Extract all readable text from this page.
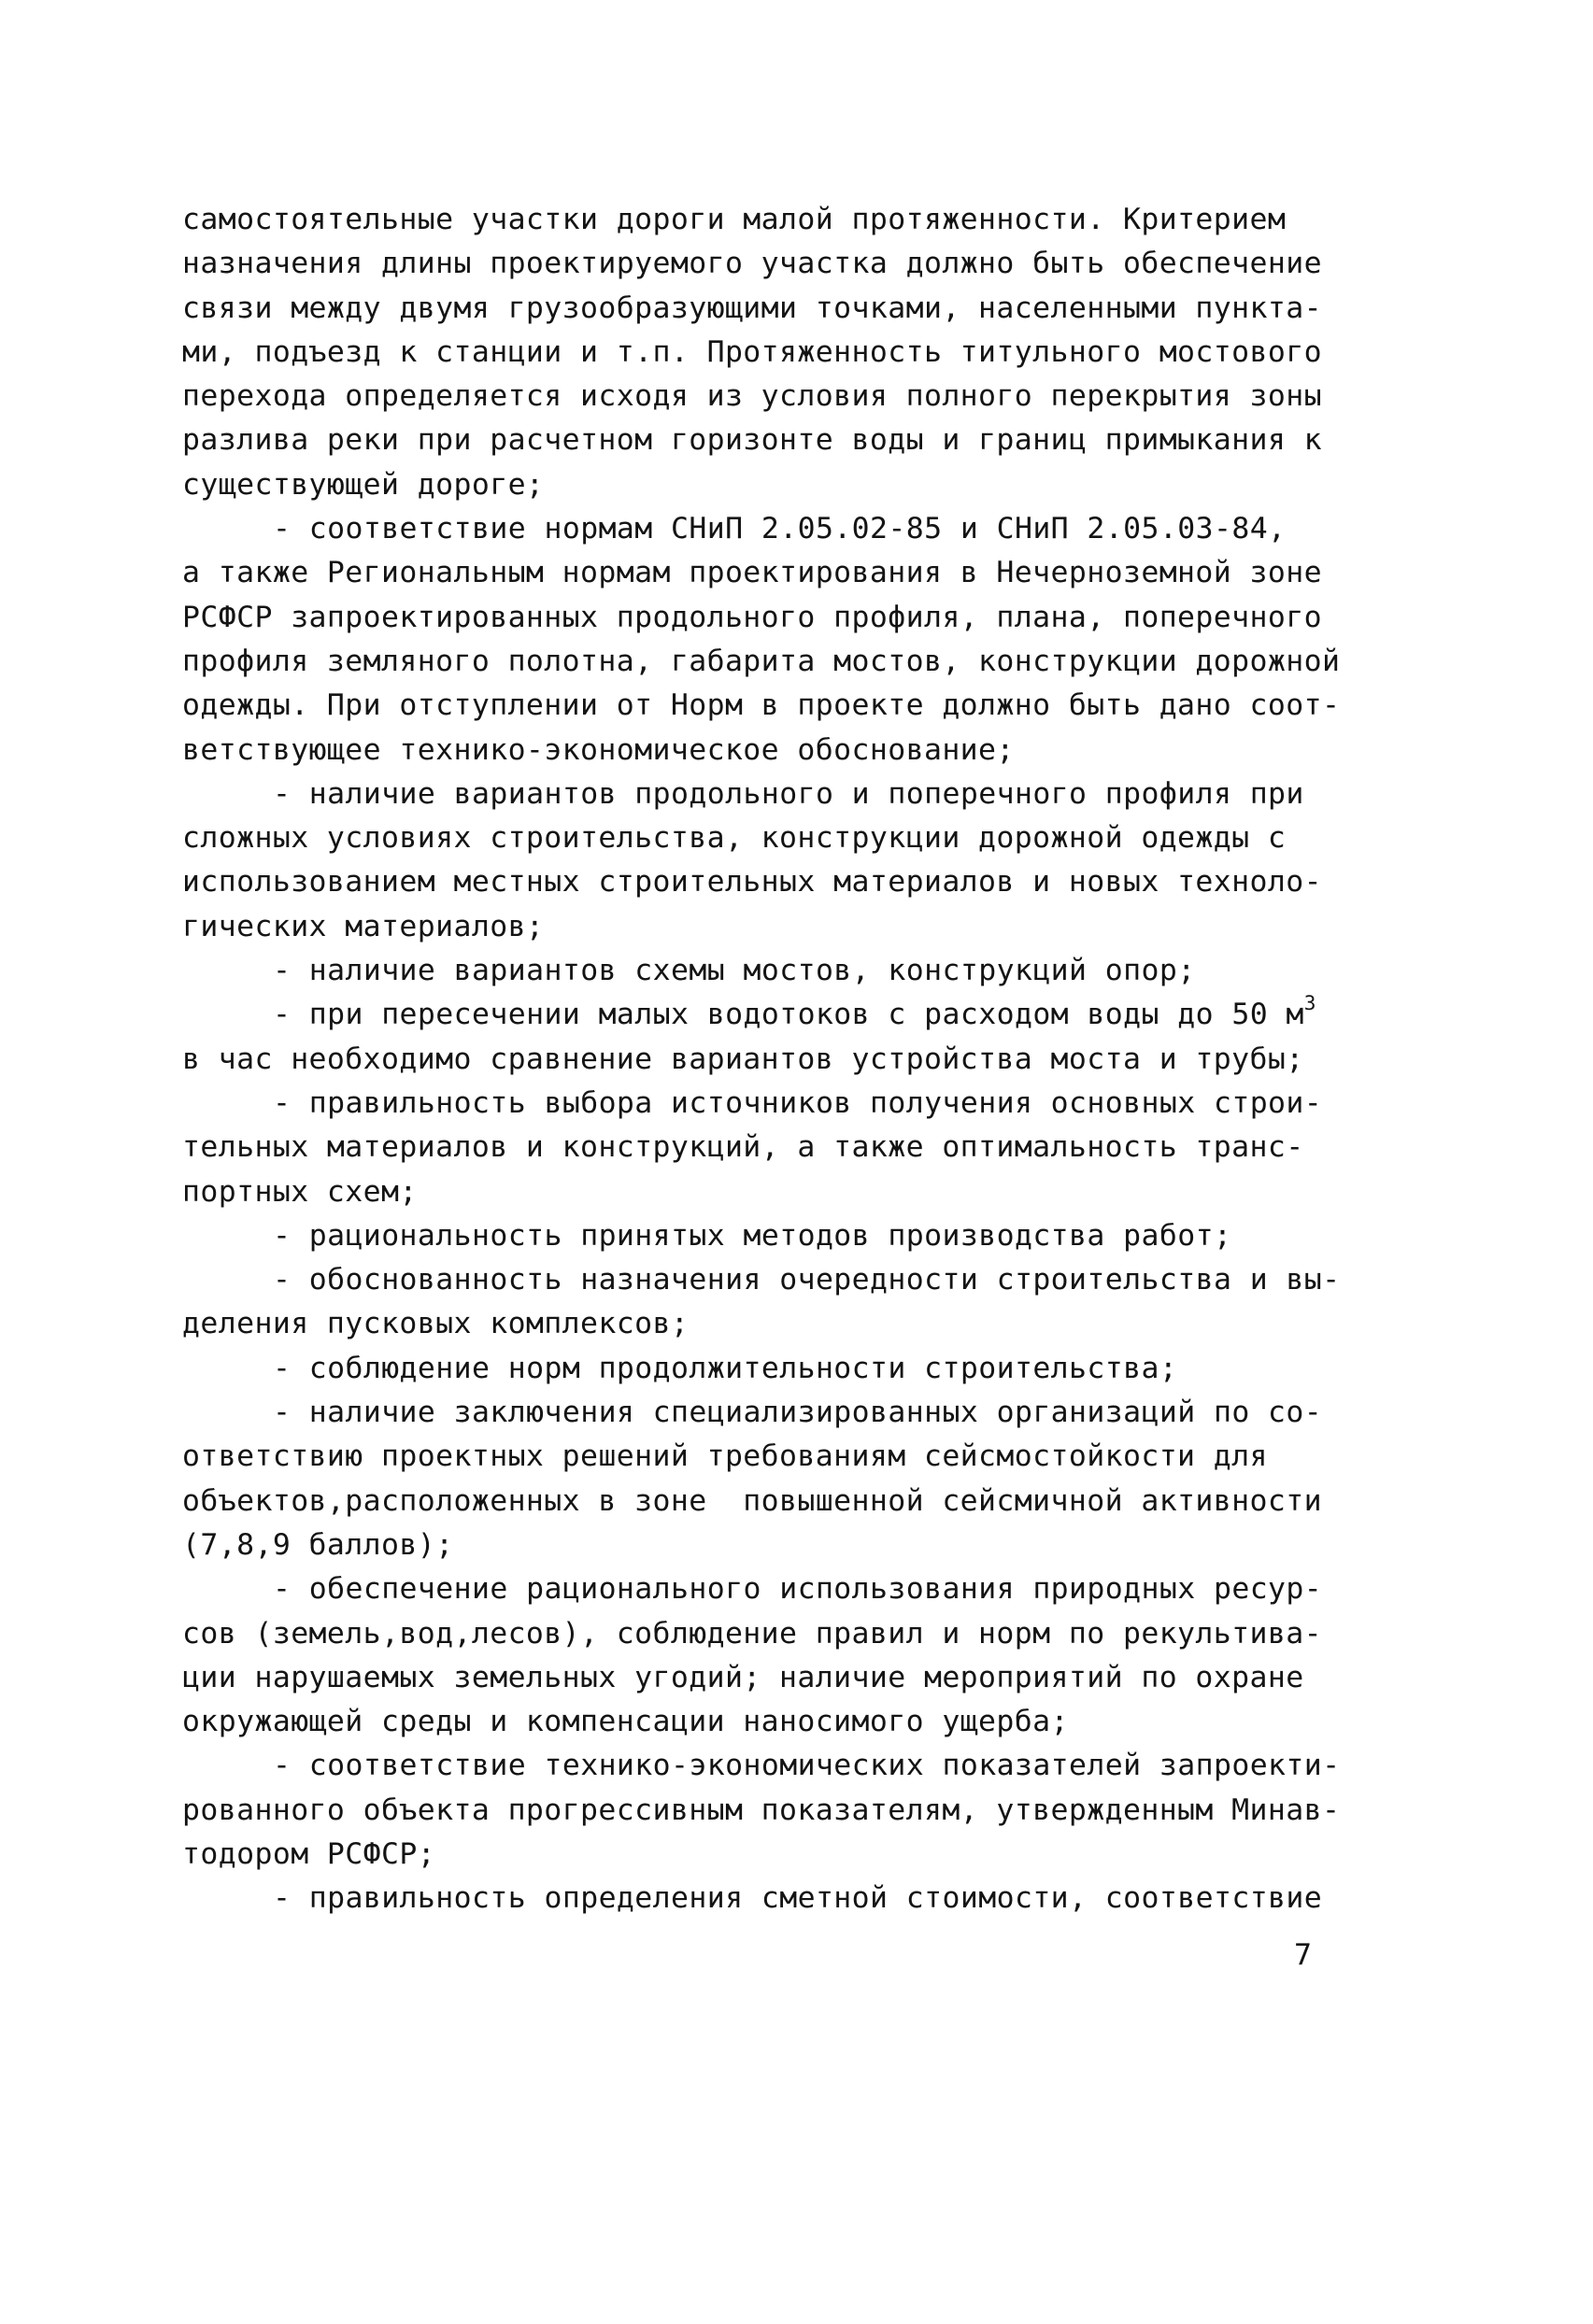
самостоятельные участки дороги малой протяженности. Критерием
назначения длины проектируемого участка должно быть обеспечение
связи между двумя грузообразующими точками, населенными пункта-
ми, подъезд к станции и т.п. Протяженность титульного мостового
перехода определяется исходя из условия полного перекрытия зоны
разлива реки при расчетном горизонте воды и границ примыкания к
существующей дороге;
- соответствие нормам СНиП 2.05.02-85 и СНиП 2.05.03-84,
а также Региональным нормам проектирования в Нечерноземной зоне
РСФСР запроектированных продольного профиля, плана, поперечного
профиля земляного полотна, габарита мостов, конструкции дорожной
одежды. При отступлении от Норм в проекте должно быть дано соот-
ветствующее технико-экономическое обоснование;
- наличие вариантов продольного и поперечного профиля при
сложных условиях строительства, конструкции дорожной одежды с
использованием местных строительных материалов и новых техноло-
гических материалов;
- наличие вариантов схемы мостов, конструкций опор;
- при пересечении малых водотоков с расходом воды до 50 $м^3$
в час необходимо сравнение вариантов устройства моста и трубы;
- правильность выбора источников получения основных строи-
тельных материалов и конструкций, а также оптимальность транс-
портных схем;
- рациональность принятых методов производства работ;
- обоснованность назначения очередности строительства и вы-
деления пусковых комплексов;
- соблюдение норм продолжительности строительства;
- наличие заключения специализированных организаций по со-
ответствию проектных решений требованиям сейсмостойкости для
объектов,расположенных в зоне  повышенной сейсмичной активности
(7,8,9 баллов);
- обеспечение рационального использования природных ресур-
сов (земель,вод,лесов), соблюдение правил и норм по рекультива-
ции нарушаемых земельных угодий; наличие мероприятий по охране
окружающей среды и компенсации наносимого ущерба;
- соответствие технико-экономических показателей запроекти-
рованного объекта прогрессивным показателям, утвержденным Минав-
тодором РСФСР;
- правильность определения сметной стоимости, соответствие
7
